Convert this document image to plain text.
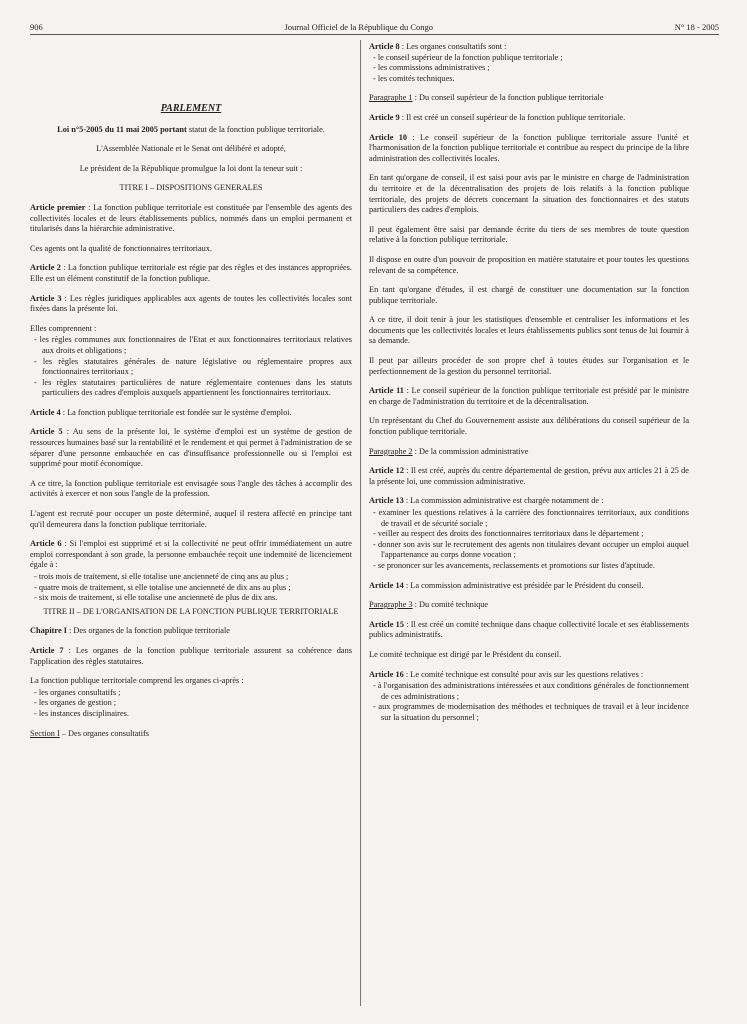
906	Journal Officiel de la République du Congo	N° 18 - 2005

PARLEMENT

Loi n°5-2005 du 11 mai 2005 portant statut de la fonction publique territoriale.

L'Assemblée Nationale et le Senat ont délibéré et adopté,

Le président de la République promulgue la loi dont la teneur suit :

TITRE I – DISPOSITIONS GENERALES

Article premier : La fonction publique territoriale est constituée par l'ensemble des agents des collectivités locales et de leurs établissements publics, nommés dans un emploi permanent et titularisés dans la hiérarchie administrative.

Ces agents ont la qualité de fonctionnaires territoriaux.

Article 2 : La fonction publique territoriale est régie par des règles et des instances appropriées. Elle est un élément constitutif de la fonction publique.

Article 3 : Les règles juridiques applicables aux agents de toutes les collectivités locales sont fixées dans la présente loi.

Elles comprennent :

- les règles communes aux fonctionnaires de l'Etat et aux fonctionnaires territoriaux relatives aux droits et obligations ;
- les règles statutaires générales de nature législative ou réglementaire propres aux fonctionnaires territoriaux ;
- les règles statutaires particulières de nature réglementaire contenues dans les statuts particuliers des cadres d'emplois auxquels appartiennent les fonctionnaires territoriaux.

Article 4 : La fonction publique territoriale est fondée sur le système d'emploi.

Article 5 : Au sens de la présente loi, le système d'emploi est un système de gestion de ressources humaines basé sur la rentabilité et le rendement et qui permet à l'administration de se séparer d'une personne embauchée en cas d'insuffisance professionnelle ou si l'emploi est supprimé pour motif économique.

A ce titre, la fonction publique territoriale est envisagée sous l'angle des tâches à accomplir des activités à exercer et non sous l'angle de la profession.

L'agent est recruté pour occuper un poste déterminé, auquel il restera affecté en principe tant qu'il demeurera dans la fonction publique territoriale.

Article 6 : Si l'emploi est supprimé et si la collectivité ne peut offrir immédiatement un autre emploi correspondant à son grade, la personne embauchée reçoit une indemnité de licenciement égale à :

- trois mois de traitement, si elle totalise une ancienneté de cinq ans au plus ;
- quatre mois de traitement, si elle totalise une ancienneté de dix ans au plus ;
- six mois de traitement, si elle totalise une ancienneté de plus de dix ans.

TITRE II – DE L'ORGANISATION DE LA FONCTION PUBLIQUE TERRITORIALE

Chapitre I : Des organes de la fonction publique territoriale

Article 7 : Les organes de la fonction publique territoriale assurent sa cohérence dans l'application des règles statutaires.

La fonction publique territoriale comprend les organes ci-après :

- les organes consultatifs ;
- les organes de gestion ;
- les instances disciplinaires.

Section I – Des organes consultatifs

Article 8 : Les organes consultatifs sont :

- le conseil supérieur de la fonction publique territoriale ;
- les commissions administratives ;
- les comités techniques.

Paragraphe 1 : Du conseil supérieur de la fonction publique territoriale

Article 9 : Il est créé un conseil supérieur de la fonction publique territoriale.

Article 10 : Le conseil supérieur de la fonction publique territoriale assure l'unité et l'harmonisation de la fonction publique territoriale et contribue au respect du principe de la libre administration des collectivités locales.

En tant qu'organe de conseil, il est saisi pour avis par le ministre en charge de l'administration du territoire et de la décentralisation des projets de lois relatifs à la fonction publique territoriale, des projets de décrets concernant la situation des fonctionnaires et des statuts particuliers des cadres d'emplois.

Il peut également être saisi par demande écrite du tiers de ses membres de toute question relative à la fonction publique territoriale.

Il dispose en outre d'un pouvoir de proposition en matière statutaire et pour toutes les questions relevant de sa compétence.

En tant qu'organe d'études, il est chargé de constituer une documentation sur la fonction publique territoriale.

A ce titre, il doit tenir à jour les statistiques d'ensemble et centraliser les informations et les documents que les collectivités locales et leurs établissements publics sont tenus de lui fournir à sa demande.

Il peut par ailleurs procéder de son propre chef à toutes études sur l'organisation et le perfectionnement de la gestion du personnel territorial.

Article 11 : Le conseil supérieur de la fonction publique territoriale est présidé par le ministre en charge de l'administration du territoire et de la décentralisation.

Un représentant du Chef du Gouvernement assiste aux délibérations du conseil supérieur de la fonction publique territoriale.

Paragraphe 2 : De la commission administrative

Article 12 : Il est créé, auprès du centre départemental de gestion, prévu aux articles 21 à 25 de la présente loi, une commission administrative.

Article 13 : La commission administrative est chargée notamment de :

- examiner les questions relatives à la carrière des fonctionnaires territoriaux, aux conditions de travail et de sécurité sociale ;
- veiller au respect des droits des fonctionnaires territoriaux dans le département ;
- donner son avis sur le recrutement des agents non titulaires devant occuper un emploi auquel l'appartenance au corps donne vocation ;
- se prononcer sur les avancements, reclassements et promotions sur listes d'aptitude.

Article 14 : La commission administrative est présidée par le Président du conseil.

Paragraphe 3 : Du comité technique

Article 15 : Il est créé un comité technique dans chaque collectivité locale et ses établissements publics administratifs.

Le comité technique est dirigé par le Président du conseil.

Article 16 : Le comité technique est consulté pour avis sur les questions relatives :

- à l'organisation des administrations intéressées et aux conditions générales de fonctionnement de ces administrations ;
- aux programmes de modernisation des méthodes et techniques de travail et à leur incidence sur la situation du personnel ;
